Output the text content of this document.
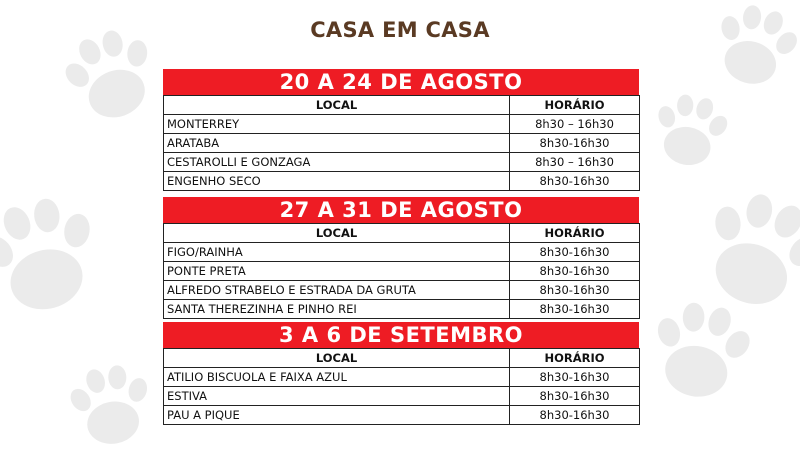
CASA EM CASA
20 A 24 DE AGOSTO
LOCAL	HORÁRIO
MONTERREY	8h30 – 16h30
ARATABA	8h30-16h30
CESTAROLLI E GONZAGA	8h30 – 16h30
ENGENHO SECO	8h30-16h30
27 A 31 DE AGOSTO
LOCAL	HORÁRIO
FIGO/RAINHA	8h30-16h30
PONTE PRETA	8h30-16h30
ALFREDO STRABELO E ESTRADA DA GRUTA	8h30-16h30
SANTA THEREZINHA E PINHO REI	8h30-16h30
3 A 6 DE SETEMBRO
LOCAL	HORÁRIO
ATILIO BISCUOLA E FAIXA AZUL	8h30-16h30
ESTIVA	8h30-16h30
PAU A PIQUE	8h30-16h30
